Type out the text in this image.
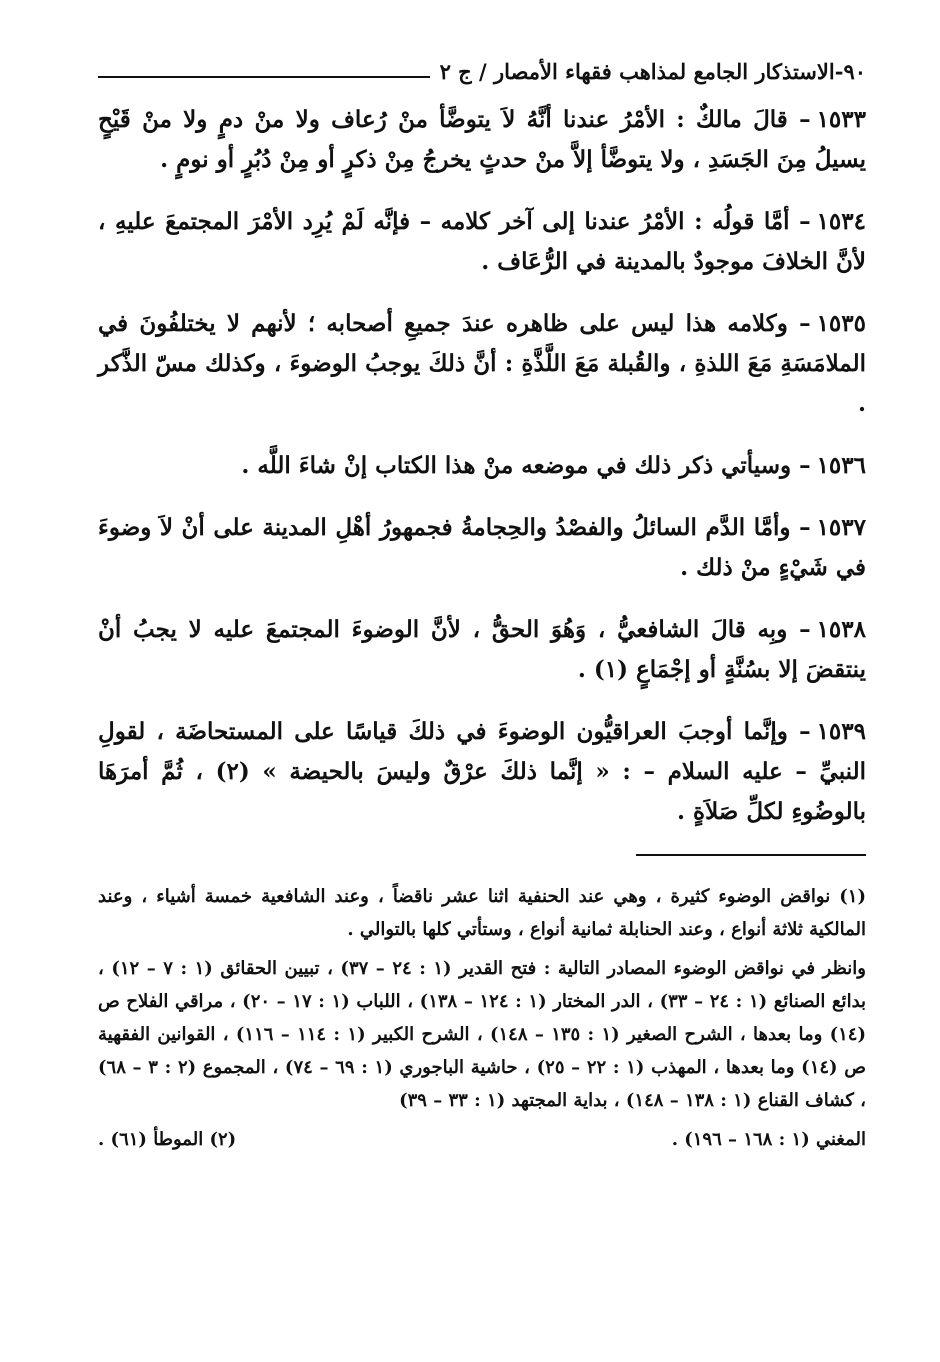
٩٠-الاستذكار الجامع لمذاهب فقهاء الأمصار / ج ٢

١٥٣٣– قالَ مالكٌ : الأمْرُ عندنا أنَّهُ لاَ يتوضَّأ منْ رُعاف ولا منْ دمٍ ولا منْ قَيْحٍ يسيلُ مِنَ الجَسَدِ ، ولا يتوضَّأ إلاَّ منْ حدثٍ يخرجُ مِنْ ذكرٍ أو مِنْ دُبُرٍ أو نومٍ .

١٥٣٤– أمَّا قولُه : الأمْرُ عندنا إلى آخر كلامه – فإنَّه لَمْ يُرِد الأمْرَ المجتمعَ عليهِ ، لأنَّ الخلافَ موجودٌ بالمدينة في الرُّعَاف .

١٥٣٥– وكلامه هذا ليس على ظاهره عندَ جميعِ أصحابه ؛ لأنهم لا يختلفُونَ في الملامَسَةِ مَعَ اللذةِ ، والقُبلة مَعَ اللَّذَّةِ : أنَّ ذلكَ يوجبُ الوضوءَ ، وكذلك مسّ الذَّكر .

١٥٣٦– وسيأتي ذكر ذلك في موضعه منْ هذا الكتاب إنْ شاءَ اللَّه .

١٥٣٧– وأمَّا الدَّم السائلُ والفصْدُ والحِجامةُ فجمهورُ أهْلِ المدينة على أنْ لاَ وضوءَ في شَيْءٍ منْ ذلك .

١٥٣٨– وبِه قالَ الشافعيُّ ، وَهُوَ الحقُّ ، لأنَّ الوضوءَ المجتمعَ عليه لا يجبُ أنْ ينتقضَ إلا بسُنَّةٍ أو إجْمَاعٍ (١) .

١٥٣٩– وإنَّما أوجبَ العراقيُّون الوضوءَ في ذلكَ قياسًا على المستحاضَة ، لقولِ النبيِّ – عليه السلام – : « إنَّما ذلكَ عرْقٌ وليسَ بالحيضة » (٢) ، ثُمَّ أمرَهَا بالوضُوءِ لكلِّ صَلاَةٍ .

(١) نواقض الوضوء كثيرة ، وهي عند الحنفية اثنا عشر ناقضاً ، وعند الشافعية خمسة أشياء ، وعند المالكية ثلاثة أنواع ، وعند الحنابلة ثمانية أنواع ، وستأتي كلها بالتوالي .

وانظر في نواقض الوضوء المصادر التالية : فتح القدير (١ : ٢٤ – ٣٧) ، تبيين الحقائق (١ : ٧ – ١٢) ، بدائع الصنائع (١ : ٢٤ – ٣٣) ، الدر المختار (١ : ١٢٤ – ١٣٨) ، اللباب (١ : ١٧ – ٢٠) ، مراقي الفلاح ص (١٤) وما بعدها ، الشرح الصغير (١ : ١٣٥ – ١٤٨) ، الشرح الكبير (١ : ١١٤ – ١١٦) ، القوانين الفقهية ص (١٤) وما بعدها ، المهذب (١ : ٢٢ – ٢٥) ، حاشية الباجوري (١ : ٦٩ – ٧٤) ، المجموع (٢ : ٣ – ٦٨) ، كشاف القناع (١ : ١٣٨ – ١٤٨) ، بداية المجتهد (١ : ٣٣ – ٣٩)

المغني (١ : ١٦٨ – ١٩٦) .
(٢) الموطأ (٦١) .
